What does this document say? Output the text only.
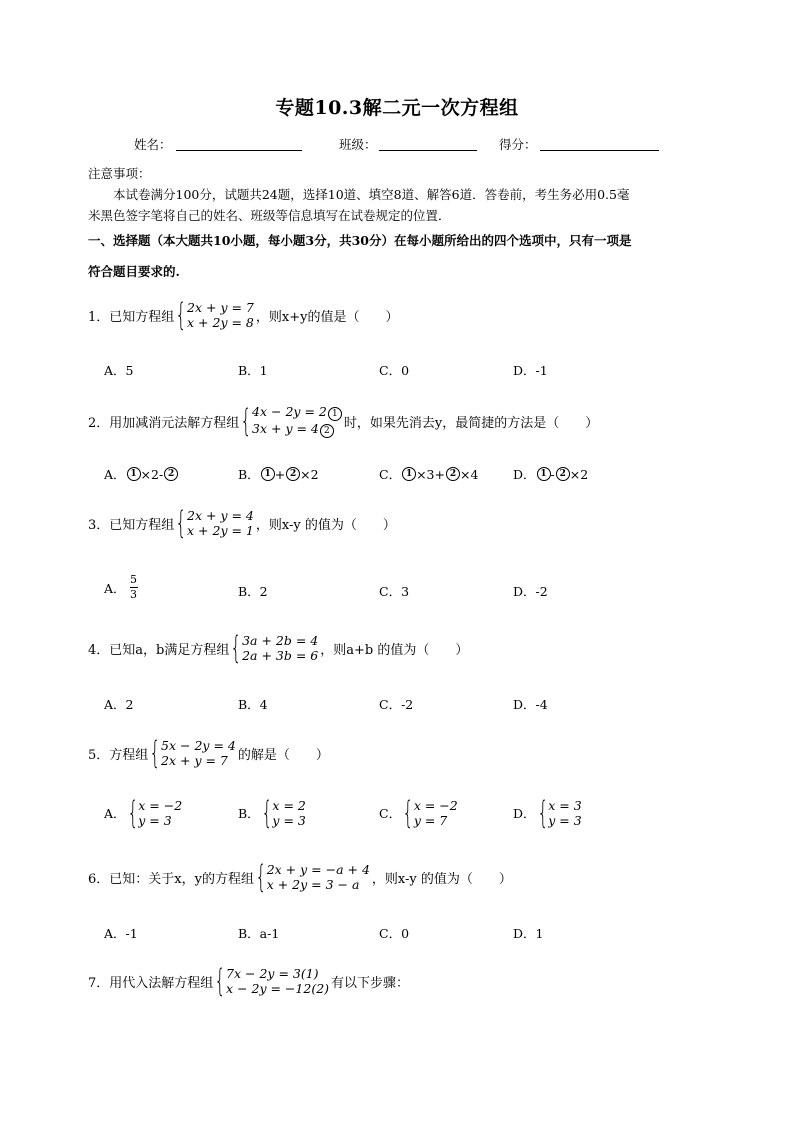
专题10.3解二元一次方程组
姓名：	班级：	得分：
注意事项：
本试卷满分100分，试题共24题，选择10道、填空8道、解答6道．答卷前，考生务必用0.5毫
米黑色签字笔将自己的姓名、班级等信息填写在试卷规定的位置．
一、选择题（本大题共10小题，每小题3分，共30分）在每小题所给出的四个选项中，只有一项是
符合题目要求的.
1． 已知方程组 { 2x + y = 7
x + 2y = 8 ，则x+y的值是（　　）
A．5	B．1	C．0	D．-1
2． 用加减消元法解方程组 { 4x − 2y = 2 1
3x + y = 4 2
时，如果先消去y，最简捷的方法是（　　）
A． 1 ×2- 2	B． 1 + 2 ×2	C． 1 ×3+ 2 ×4	D． 1 - 2 ×2
3． 已知方程组 { 2x + y = 4
x + 2y = 1 ，则x-y 的值为（　　）
A． $\frac{5}{3}$	B．2	C．3	D．-2
4． 已知a，b满足方程组 { 3a + 2b = 4
2a + 3b = 6 ，则a+b 的值为（　　）
A．2	B．4	C．-2	D．-4
5． 方程组 { 5x − 2y = 4
2x + y = 7 的解是（　　）
A． { x = −2
y = 3	B． { x = 2
y = 3	C． { x = −2
y = 7	D． { x = 3
y = 3
6． 已知：关于x，y的方程组 { 2x + y = −a + 4
x + 2y = 3 − a ，则x-y 的值为（　　）
A．-1	B．a-1	C．0	D．1
7． 用代入法解方程组 { 7x − 2y = 3(1)
x − 2y = −12(2) 有以下步骤：
